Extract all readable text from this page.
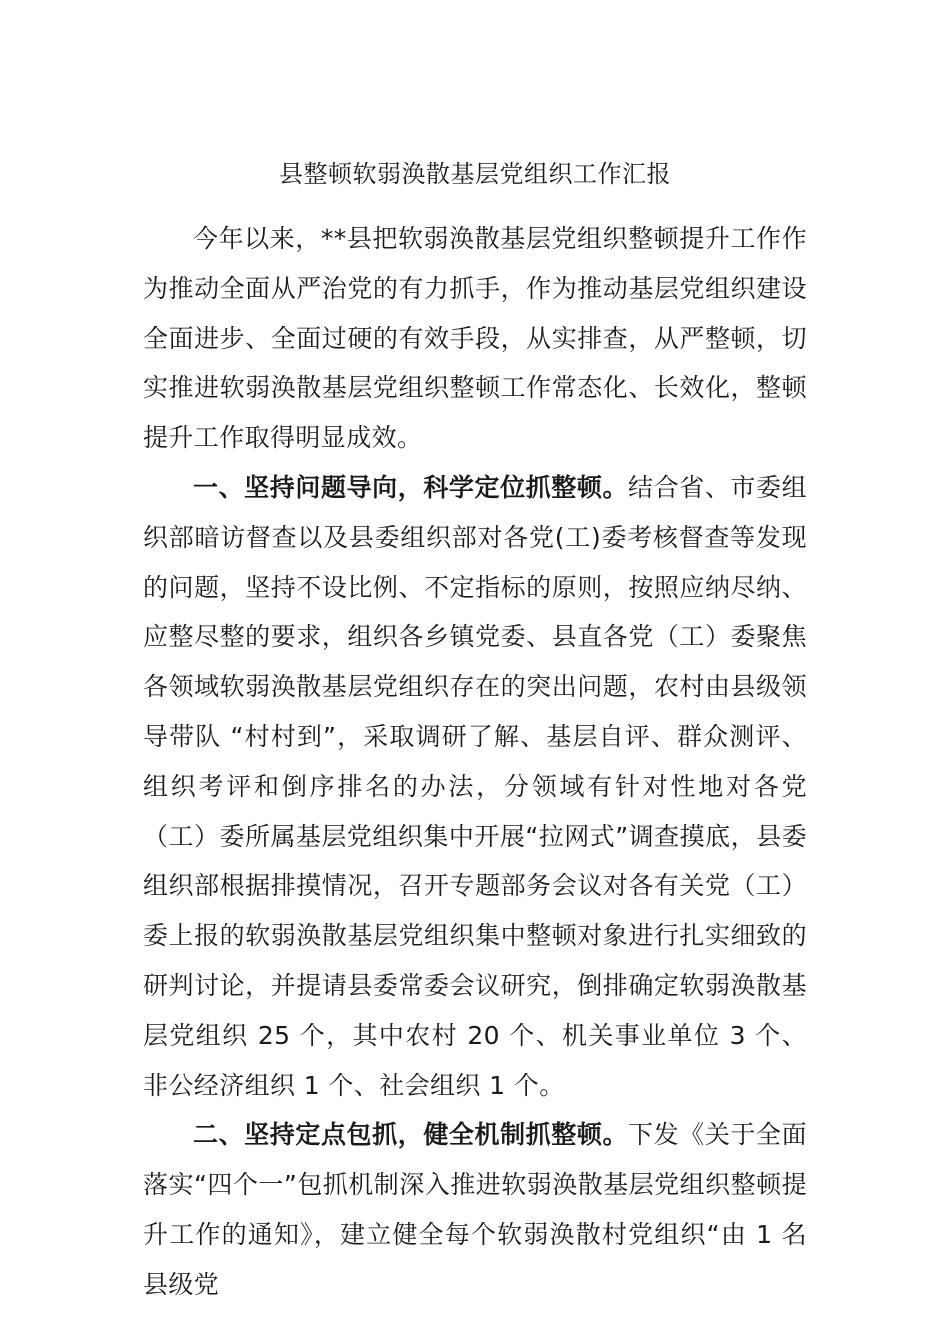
县整顿软弱涣散基层党组织工作汇报

今年以来，**县把软弱涣散基层党组织整顿提升工作作为推动全面从严治党的有力抓手，作为推动基层党组织建设全面进步、全面过硬的有效手段，从实排查，从严整顿，切实推进软弱涣散基层党组织整顿工作常态化、长效化，整顿提升工作取得明显成效。

一、坚持问题导向，科学定位抓整顿。结合省、市委组织部暗访督查以及县委组织部对各党(工)委考核督查等发现的问题，坚持不设比例、不定指标的原则，按照应纳尽纳、应整尽整的要求，组织各乡镇党委、县直各党（工）委聚焦各领域软弱涣散基层党组织存在的突出问题，农村由县级领导带队 “村村到”，采取调研了解、基层自评、群众测评、组织考评和倒序排名的办法，分领域有针对性地对各党（工）委所属基层党组织集中开展“拉网式”调查摸底，县委组织部根据排摸情况，召开专题部务会议对各有关党（工）委上报的软弱涣散基层党组织集中整顿对象进行扎实细致的研判讨论，并提请县委常委会议研究，倒排确定软弱涣散基层党组织 25 个，其中农村 20 个、机关事业单位 3 个、非公经济组织 1 个、社会组织 1 个。

二、坚持定点包抓，健全机制抓整顿。下发《关于全面落实“四个一”包抓机制深入推进软弱涣散基层党组织整顿提升工作的通知》，建立健全每个软弱涣散村党组织“由 1 名县级党
